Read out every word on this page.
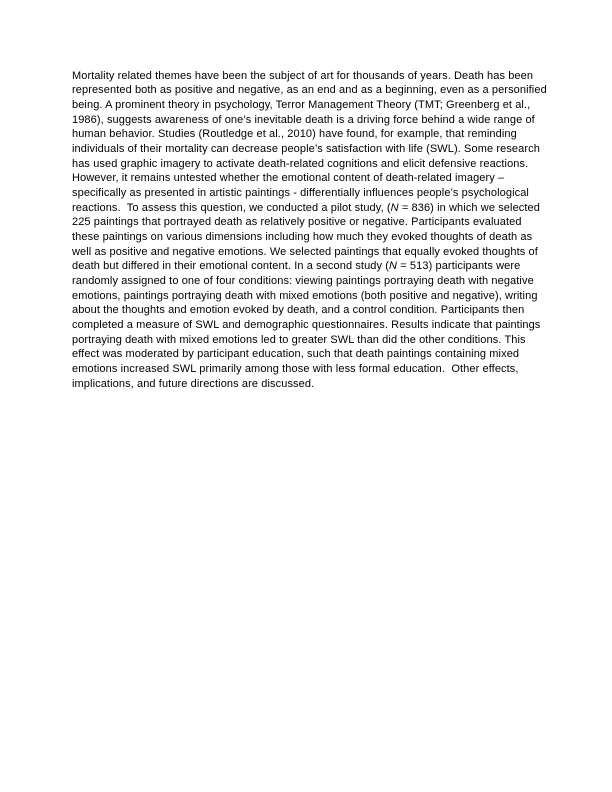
Mortality related themes have been the subject of art for thousands of years. Death has been
represented both as positive and negative, as an end and as a beginning, even as a personified
being. A prominent theory in psychology, Terror Management Theory (TMT; Greenberg et al.,
1986), suggests awareness of one’s inevitable death is a driving force behind a wide range of
human behavior. Studies (Routledge et al., 2010) have found, for example, that reminding
individuals of their mortality can decrease people’s satisfaction with life (SWL). Some research
has used graphic imagery to activate death-related cognitions and elicit defensive reactions.
However, it remains untested whether the emotional content of death-related imagery –
specifically as presented in artistic paintings - differentially influences people’s psychological
reactions.  To assess this question, we conducted a pilot study, (N = 836) in which we selected
225 paintings that portrayed death as relatively positive or negative. Participants evaluated
these paintings on various dimensions including how much they evoked thoughts of death as
well as positive and negative emotions. We selected paintings that equally evoked thoughts of
death but differed in their emotional content. In a second study (N = 513) participants were
randomly assigned to one of four conditions: viewing paintings portraying death with negative
emotions, paintings portraying death with mixed emotions (both positive and negative), writing
about the thoughts and emotion evoked by death, and a control condition. Participants then
completed a measure of SWL and demographic questionnaires. Results indicate that paintings
portraying death with mixed emotions led to greater SWL than did the other conditions. This
effect was moderated by participant education, such that death paintings containing mixed
emotions increased SWL primarily among those with less formal education.  Other effects,
implications, and future directions are discussed.
